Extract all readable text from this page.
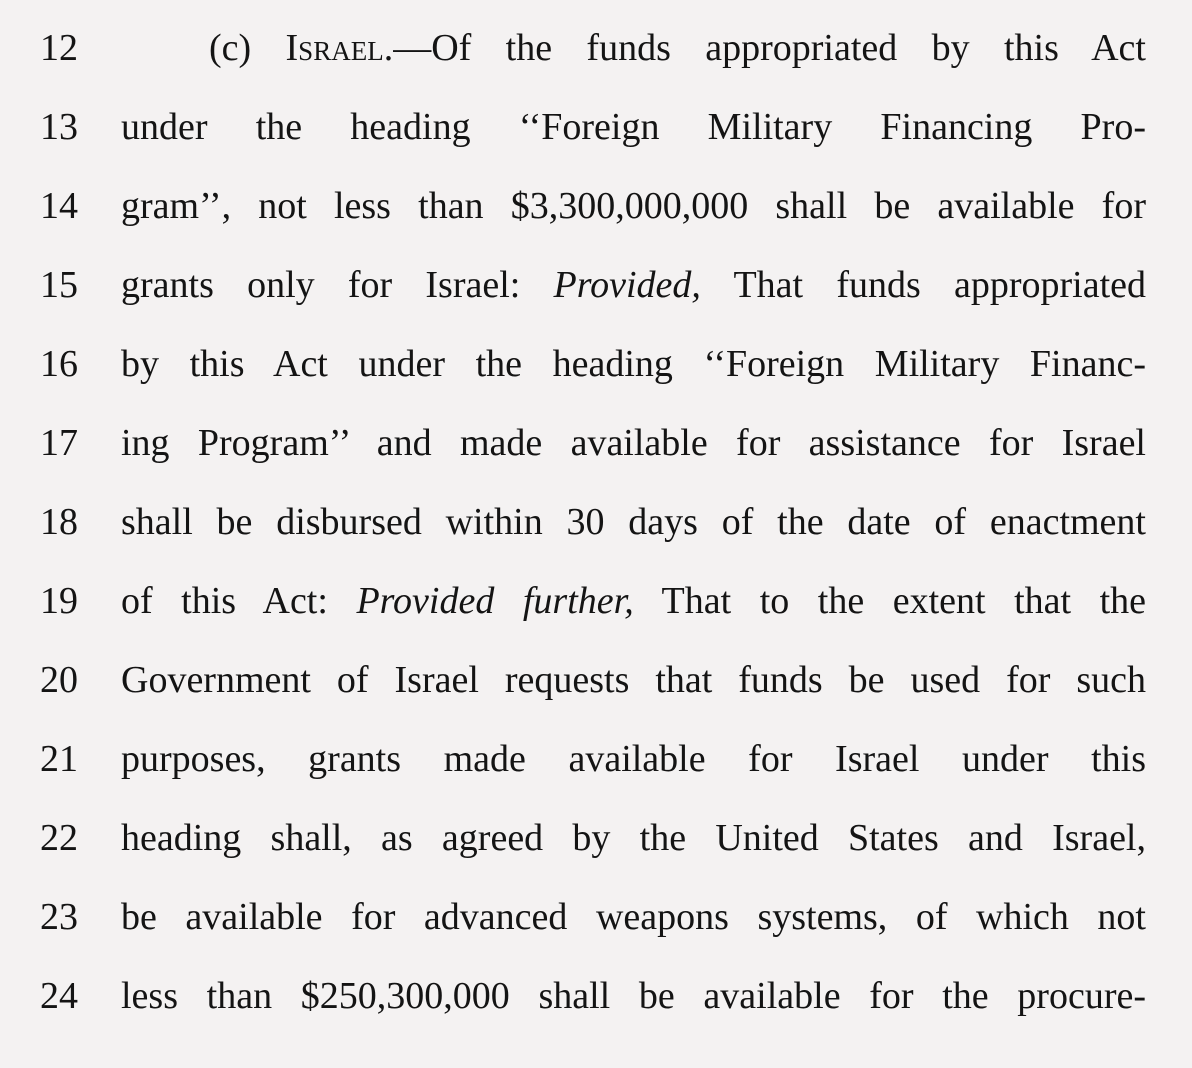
12	(c) Israel.—Of the funds appropriated by this Act
13	under the heading ‘‘Foreign Military Financing Pro-
14	gram’’, not less than $3,300,000,000 shall be available for
15	grants only for Israel: Provided, That funds appropriated
16	by this Act under the heading ‘‘Foreign Military Financ-
17	ing Program’’ and made available for assistance for Israel
18	shall be disbursed within 30 days of the date of enactment
19	of this Act: Provided further, That to the extent that the
20	Government of Israel requests that funds be used for such
21	purposes, grants made available for Israel under this
22	heading shall, as agreed by the United States and Israel,
23	be available for advanced weapons systems, of which not
24	less than $250,300,000 shall be available for the procure-
